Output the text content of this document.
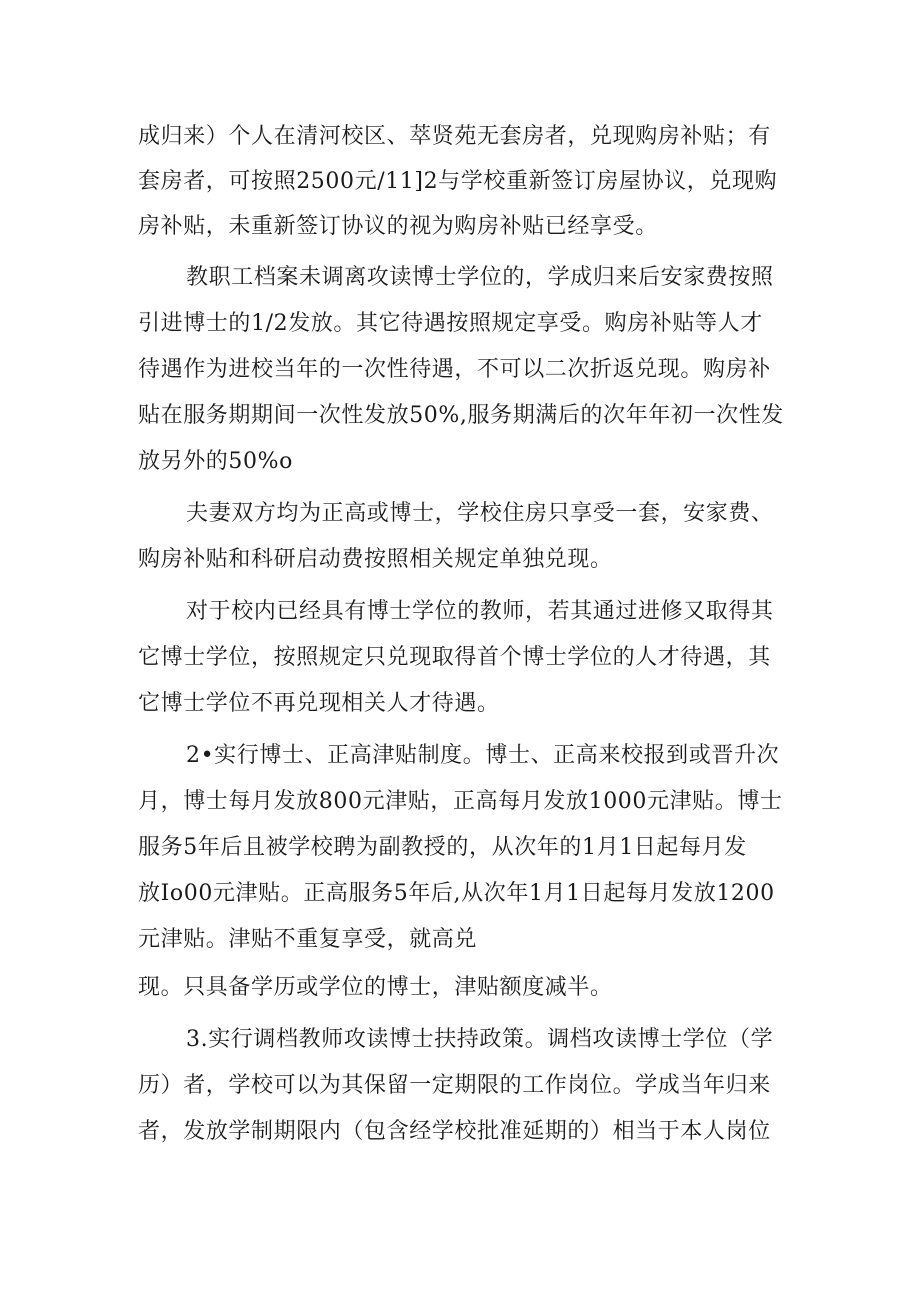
成归来）个人在清河校区、萃贤苑无套房者，兑现购房补贴；有
套房者，可按照2500元/11]2与学校重新签订房屋协议，兑现购
房补贴，未重新签订协议的视为购房补贴已经享受。
教职工档案未调离攻读博士学位的，学成归来后安家费按照
引进博士的1/2发放。其它待遇按照规定享受。购房补贴等人才
待遇作为进校当年的一次性待遇，不可以二次折返兑现。购房补
贴在服务期期间一次性发放50%,服务期满后的次年年初一次性发
放另外的50%o
夫妻双方均为正高或博士，学校住房只享受一套，安家费、
购房补贴和科研启动费按照相关规定单独兑现。
对于校内已经具有博士学位的教师，若其通过进修又取得其
它博士学位，按照规定只兑现取得首个博士学位的人才待遇，其
它博士学位不再兑现相关人才待遇。
2•实行博士、正高津贴制度。博士、正高来校报到或晋升次
月，博士每月发放800元津贴，正高每月发放1000元津贴。博士
服务5年后且被学校聘为副教授的，从次年的1月1日起每月发
放Io00元津贴。正高服务5年后,从次年1月1日起每月发放1200
元津贴。津贴不重复享受，就高兑
现。只具备学历或学位的博士，津贴额度减半。
3.实行调档教师攻读博士扶持政策。调档攻读博士学位（学
历）者，学校可以为其保留一定期限的工作岗位。学成当年归来
者，发放学制期限内（包含经学校批准延期的）相当于本人岗位
